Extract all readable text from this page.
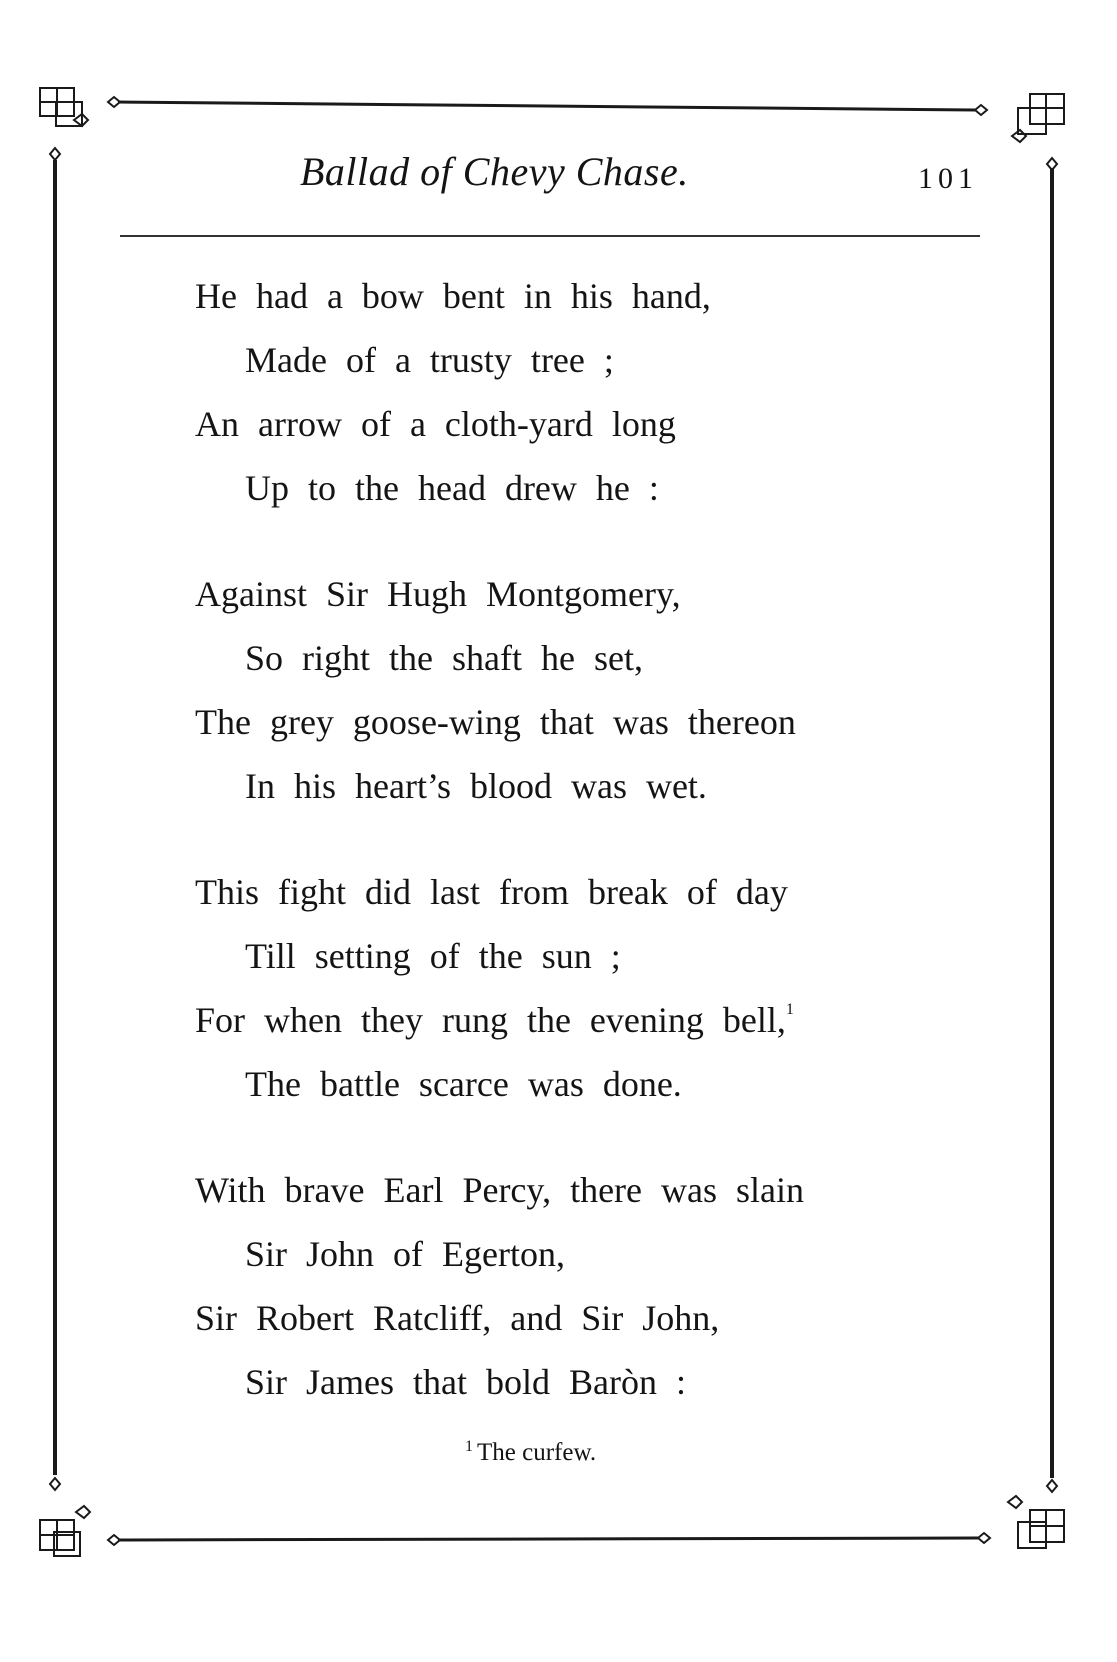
Ballad of Chevy Chase.	101
He had a bow bent in his hand,
Made of a trusty tree ;
An arrow of a cloth-yard long
Up to the head drew he :
Against Sir Hugh Montgomery,
So right the shaft he set,
The grey goose-wing that was thereon
In his heart’s blood was wet.
This fight did last from break of day
Till setting of the sun ;
For when they rung the evening bell,$^1$
The battle scarce was done.
With brave Earl Percy, there was slain
Sir John of Egerton,
Sir Robert Ratcliff, and Sir John,
Sir James that bold Baròn :
$^1$ The curfew.
